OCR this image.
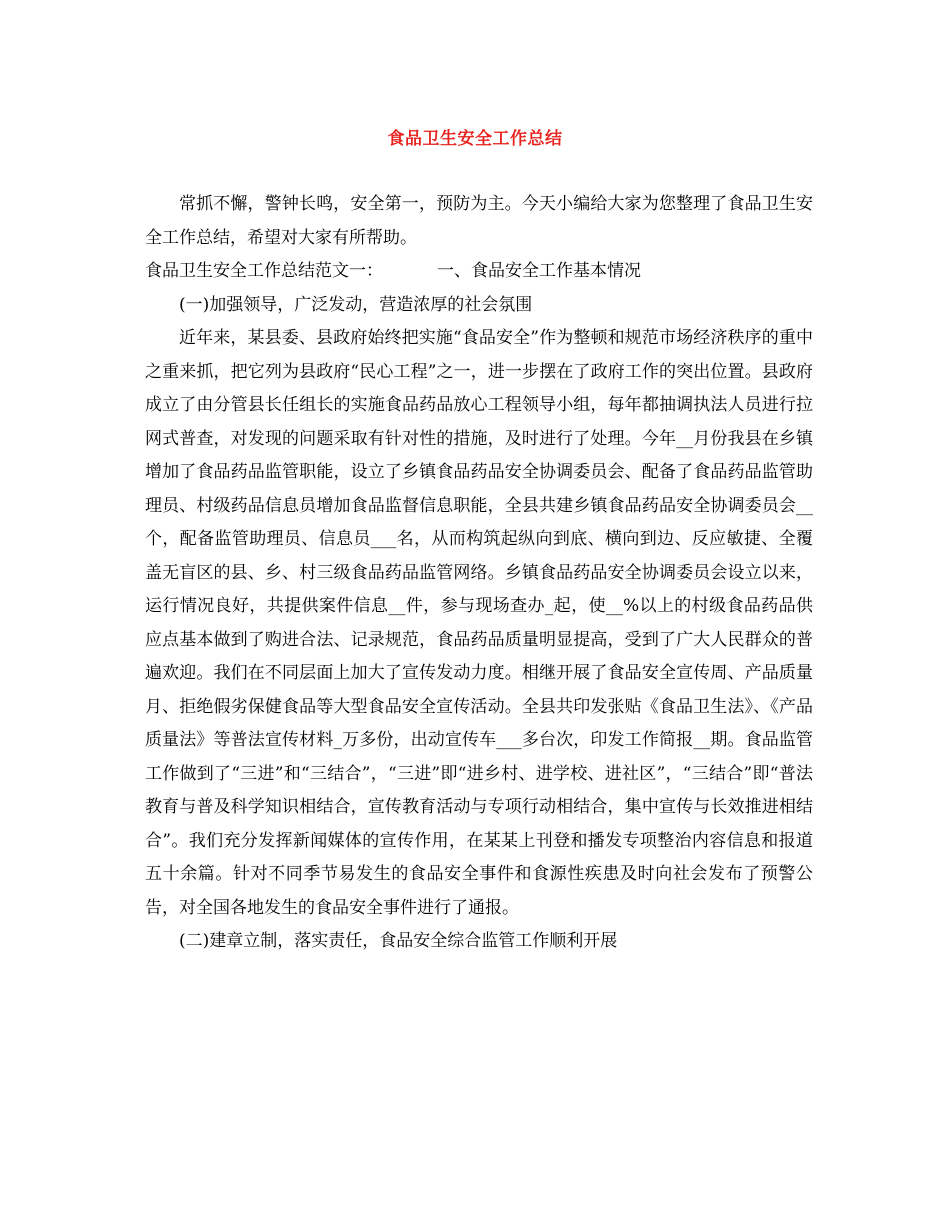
食品卫生安全工作总结

常抓不懈，警钟长鸣，安全第一，预防为主。今天小编给大家为您整理了食品卫生安全工作总结，希望对大家有所帮助。

食品卫生安全工作总结范文一：          一、食品安全工作基本情况

(一)加强领导，广泛发动，营造浓厚的社会氛围

近年来，某县委、县政府始终把实施“食品安全”作为整顿和规范市场经济秩序的重中之重来抓，把它列为县政府“民心工程”之一，进一步摆在了政府工作的突出位置。县政府成立了由分管县长任组长的实施食品药品放心工程领导小组，每年都抽调执法人员进行拉网式普查，对发现的问题采取有针对性的措施，及时进行了处理。今年__月份我县在乡镇增加了食品药品监管职能，设立了乡镇食品药品安全协调委员会、配备了食品药品监管助理员、村级药品信息员增加食品监督信息职能，全县共建乡镇食品药品安全协调委员会__个，配备监管助理员、信息员___名，从而构筑起纵向到底、横向到边、反应敏捷、全覆盖无盲区的县、乡、村三级食品药品监管网络。乡镇食品药品安全协调委员会设立以来，运行情况良好，共提供案件信息__件，参与现场查办_起，使__%以上的村级食品药品供应点基本做到了购进合法、记录规范，食品药品质量明显提高，受到了广大人民群众的普遍欢迎。我们在不同层面上加大了宣传发动力度。相继开展了食品安全宣传周、产品质量月、拒绝假劣保健食品等大型食品安全宣传活动。全县共印发张贴《食品卫生法》、《产品质量法》等普法宣传材料_万多份，出动宣传车___多台次，印发工作简报__期。食品监管工作做到了“三进”和“三结合”，“三进”即“进乡村、进学校、进社区”，“三结合”即“普法教育与普及科学知识相结合，宣传教育活动与专项行动相结合，集中宣传与长效推进相结合”。我们充分发挥新闻媒体的宣传作用，在某某上刊登和播发专项整治内容信息和报道五十余篇。针对不同季节易发生的食品安全事件和食源性疾患及时向社会发布了预警公告，对全国各地发生的食品安全事件进行了通报。

(二)建章立制，落实责任，食品安全综合监管工作顺利开展
